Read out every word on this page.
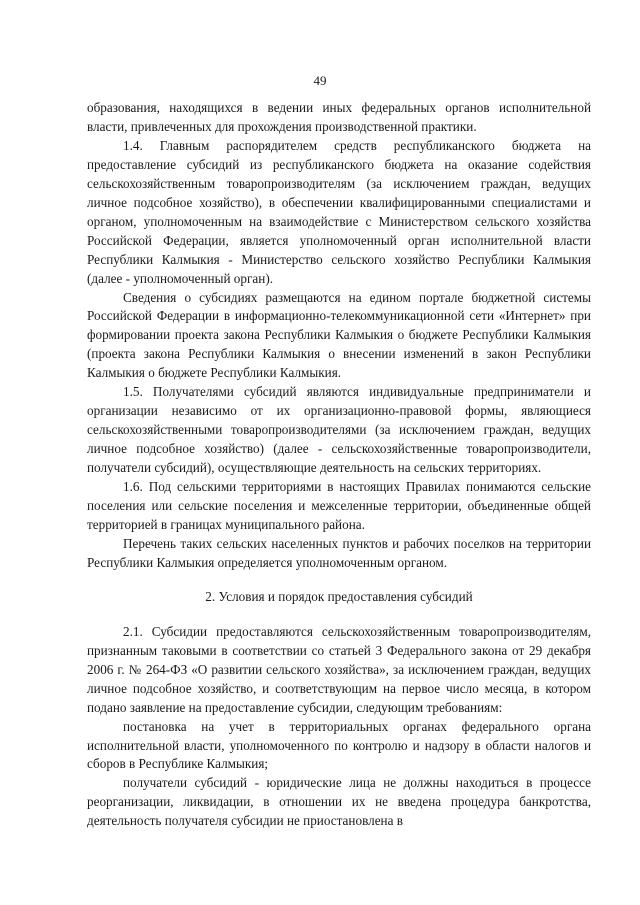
49

образования, находящихся в ведении иных федеральных органов исполнительной власти, привлеченных для прохождения производственной практики.

1.4. Главным распорядителем средств республиканского бюджета на предоставление субсидий из республиканского бюджета на оказание содействия сельскохозяйственным товаропроизводителям (за исключением граждан, ведущих личное подсобное хозяйство), в обеспечении квалифицированными специалистами и органом, уполномоченным на взаимодействие с Министерством сельского хозяйства Российской Федерации, является уполномоченный орган исполнительной власти Республики Калмыкия - Министерство сельского хозяйство Республики Калмыкия (далее - уполномоченный орган).

Сведения о субсидиях размещаются на едином портале бюджетной системы Российской Федерации в информационно-телекоммуникационной сети «Интернет» при формировании проекта закона Республики Калмыкия о бюджете Республики Калмыкия (проекта закона Республики Калмыкия о внесении изменений в закон Республики Калмыкия о бюджете Республики Калмыкия.

1.5. Получателями субсидий являются индивидуальные предприниматели и организации независимо от их организационно-правовой формы, являющиеся сельскохозяйственными товаропроизводителями (за исключением граждан, ведущих личное подсобное хозяйство) (далее - сельскохозяйственные товаропроизводители, получатели субсидий), осуществляющие деятельность на сельских территориях.

1.6. Под сельскими территориями в настоящих Правилах понимаются сельские поселения или сельские поселения и межселенные территории, объединенные общей территорией в границах муниципального района.

Перечень таких сельских населенных пунктов и рабочих поселков на территории Республики Калмыкия определяется уполномоченным органом.

2. Условия и порядок предоставления субсидий

2.1. Субсидии предоставляются сельскохозяйственным товаропроизводителям, признанным таковыми в соответствии со статьей 3 Федерального закона от 29 декабря 2006 г. № 264-ФЗ «О развитии сельского хозяйства», за исключением граждан, ведущих личное подсобное хозяйство, и соответствующим на первое число месяца, в котором подано заявление на предоставление субсидии, следующим требованиям:

постановка на учет в территориальных органах федерального органа исполнительной власти, уполномоченного по контролю и надзору в области налогов и сборов в Республике Калмыкия;

получатели субсидий - юридические лица не должны находиться в процессе реорганизации, ликвидации, в отношении их не введена процедура банкротства, деятельность получателя субсидии не приостановлена в
